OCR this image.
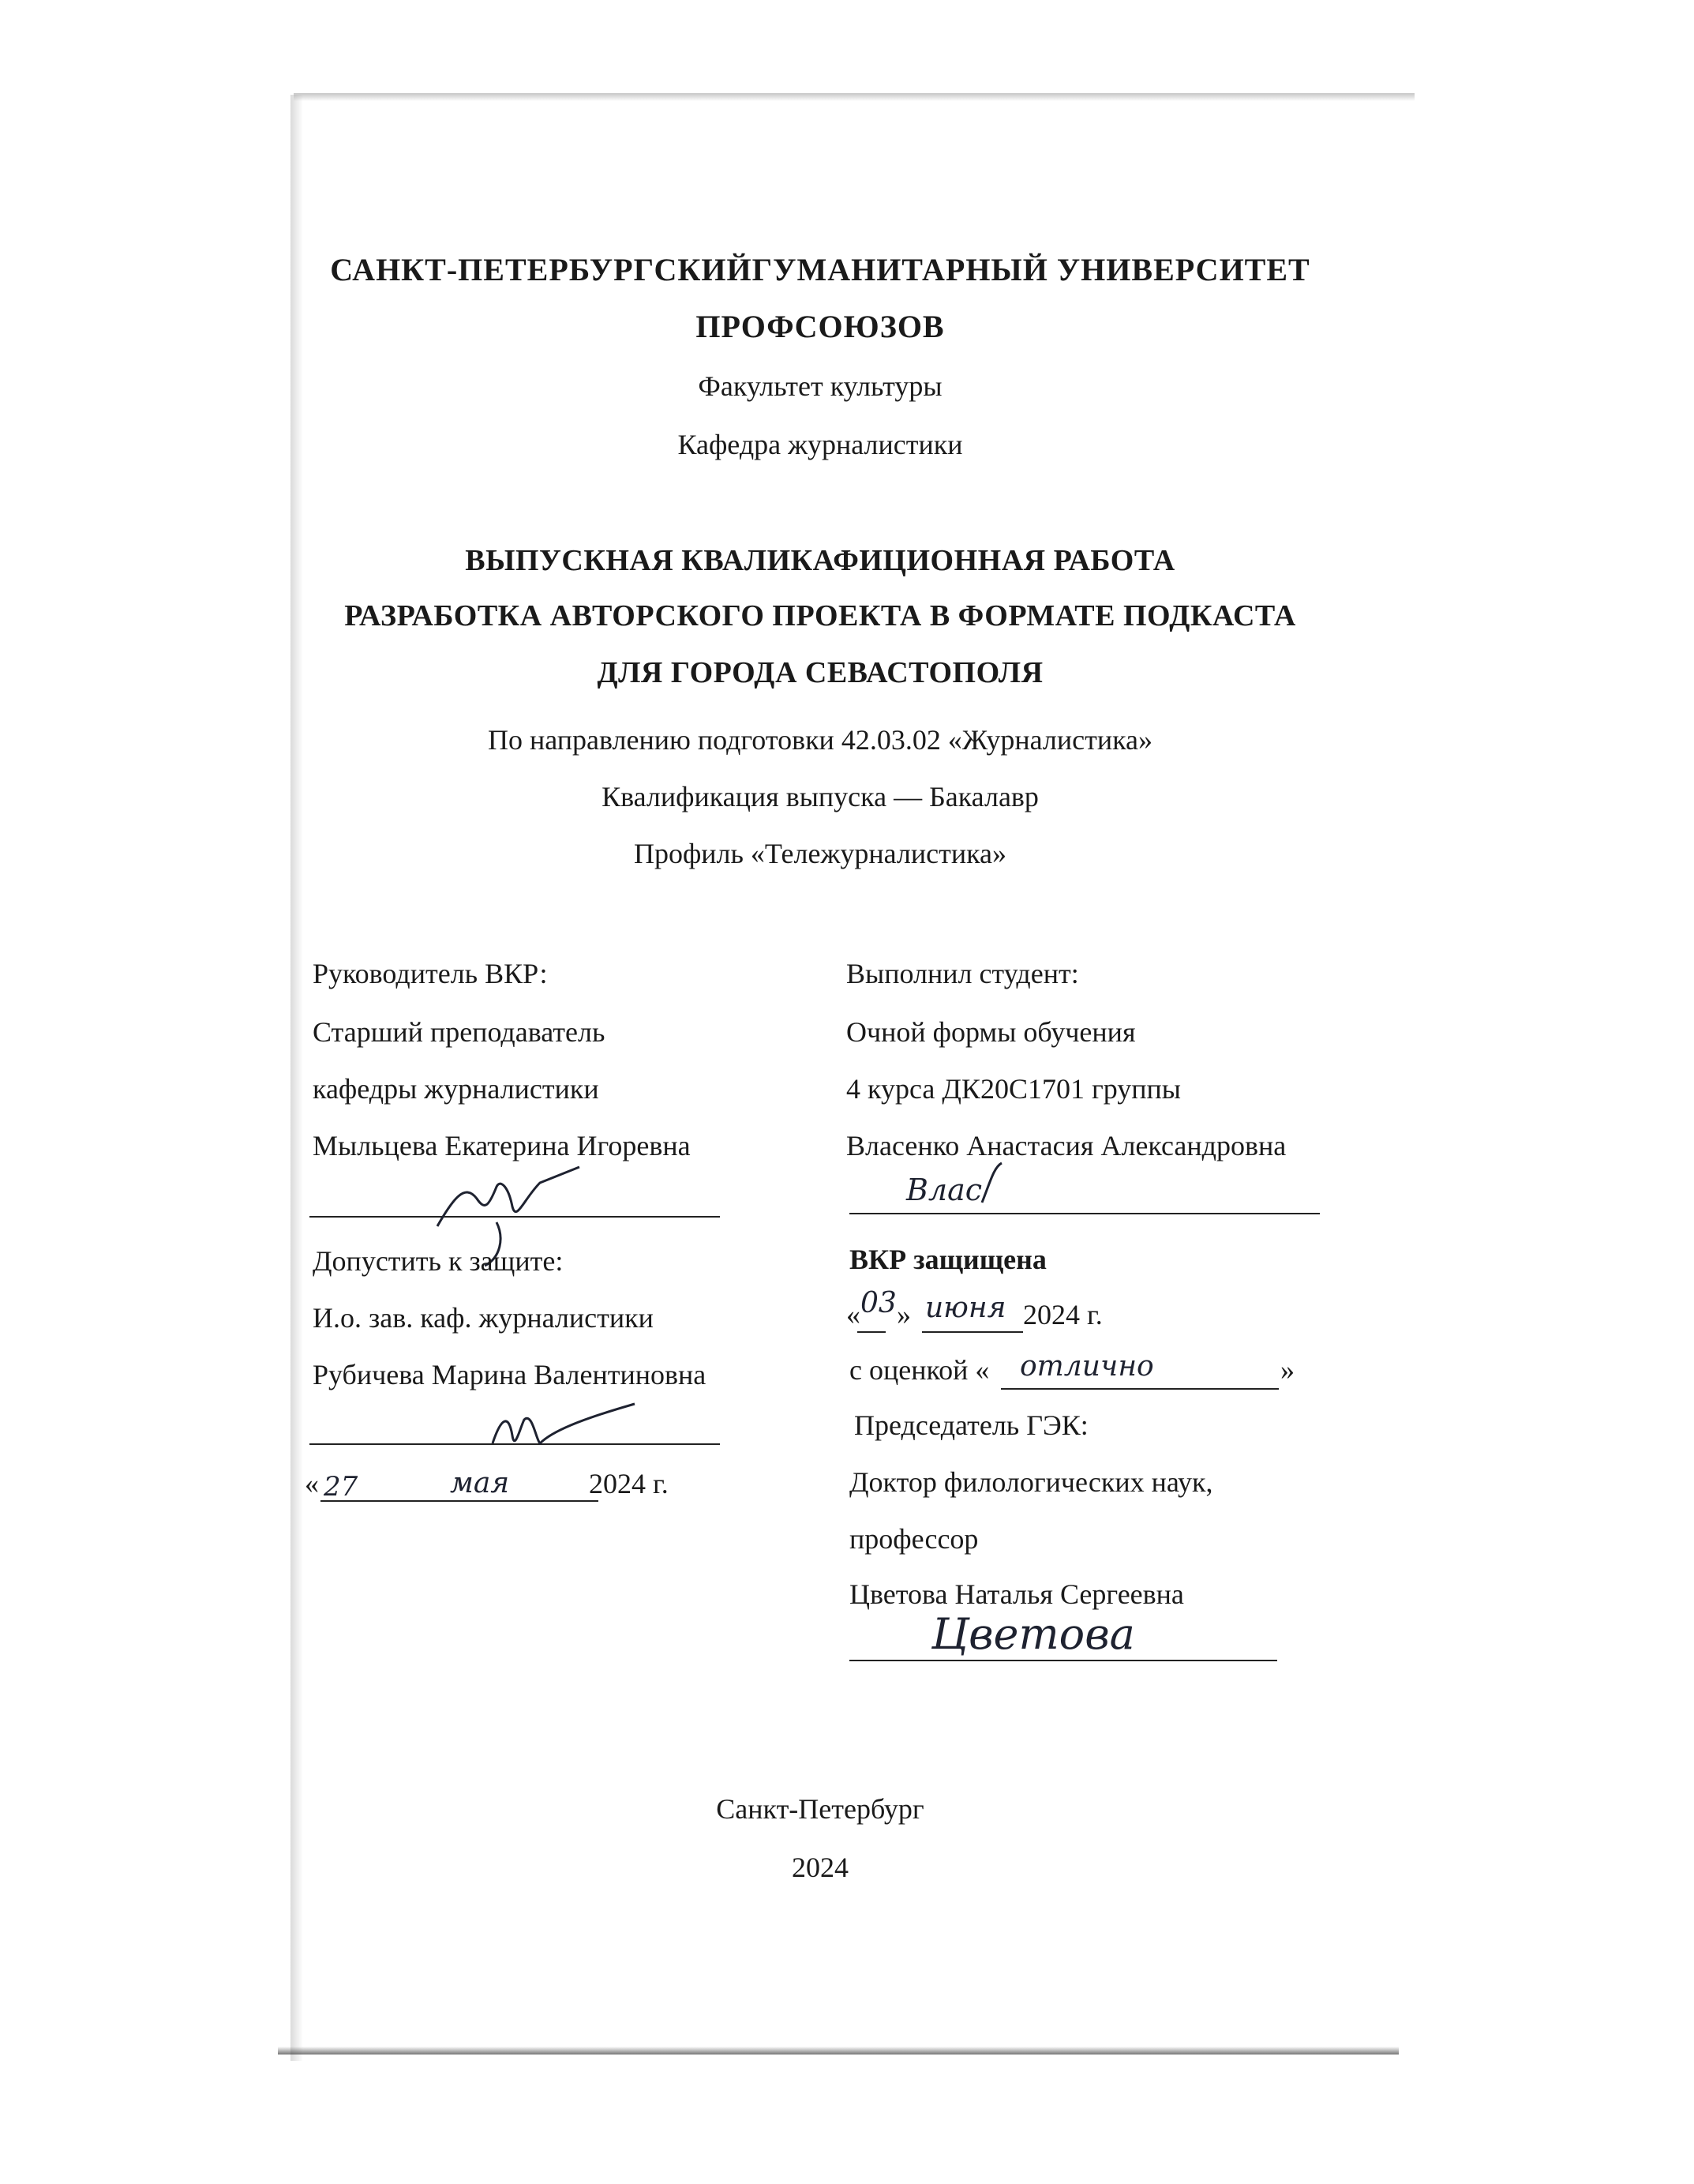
САНКТ-ПЕТЕРБУРГСКИЙГУМАНИТАРНЫЙ УНИВЕРСИТЕТ
ПРОФСОЮЗОВ
Факультет культуры
Кафедра журналистики
ВЫПУСКНАЯ КВАЛИКАФИЦИОННАЯ РАБОТА
РАЗРАБОТКА АВТОРСКОГО ПРОЕКТА В ФОРМАТЕ ПОДКАСТА
ДЛЯ ГОРОДА СЕВАСТОПОЛЯ
По направлению подготовки 42.03.02 «Журналистика»
Квалификация выпуска — Бакалавр
Профиль «Тележурналистика»
Руководитель ВКР:
Старший преподаватель
кафедры журналистики
Мыльцева Екатерина Игоревна
Допустить к защите:
И.о. зав. каф. журналистики
Рубичева Марина Валентиновна
« 27	мая	2024 г.
Выполнил студент:
Очной формы обучения
4 курса ДК20С1701 группы
Власенко Анастасия Александровна
Влас
ВКР защищена
« 03 » июня 2024 г.
с оценкой « отлично	»
Председатель ГЭК:
Доктор филологических наук,
профессор
Цветова Наталья Сергеевна
Цветова
Санкт-Петербург
2024
